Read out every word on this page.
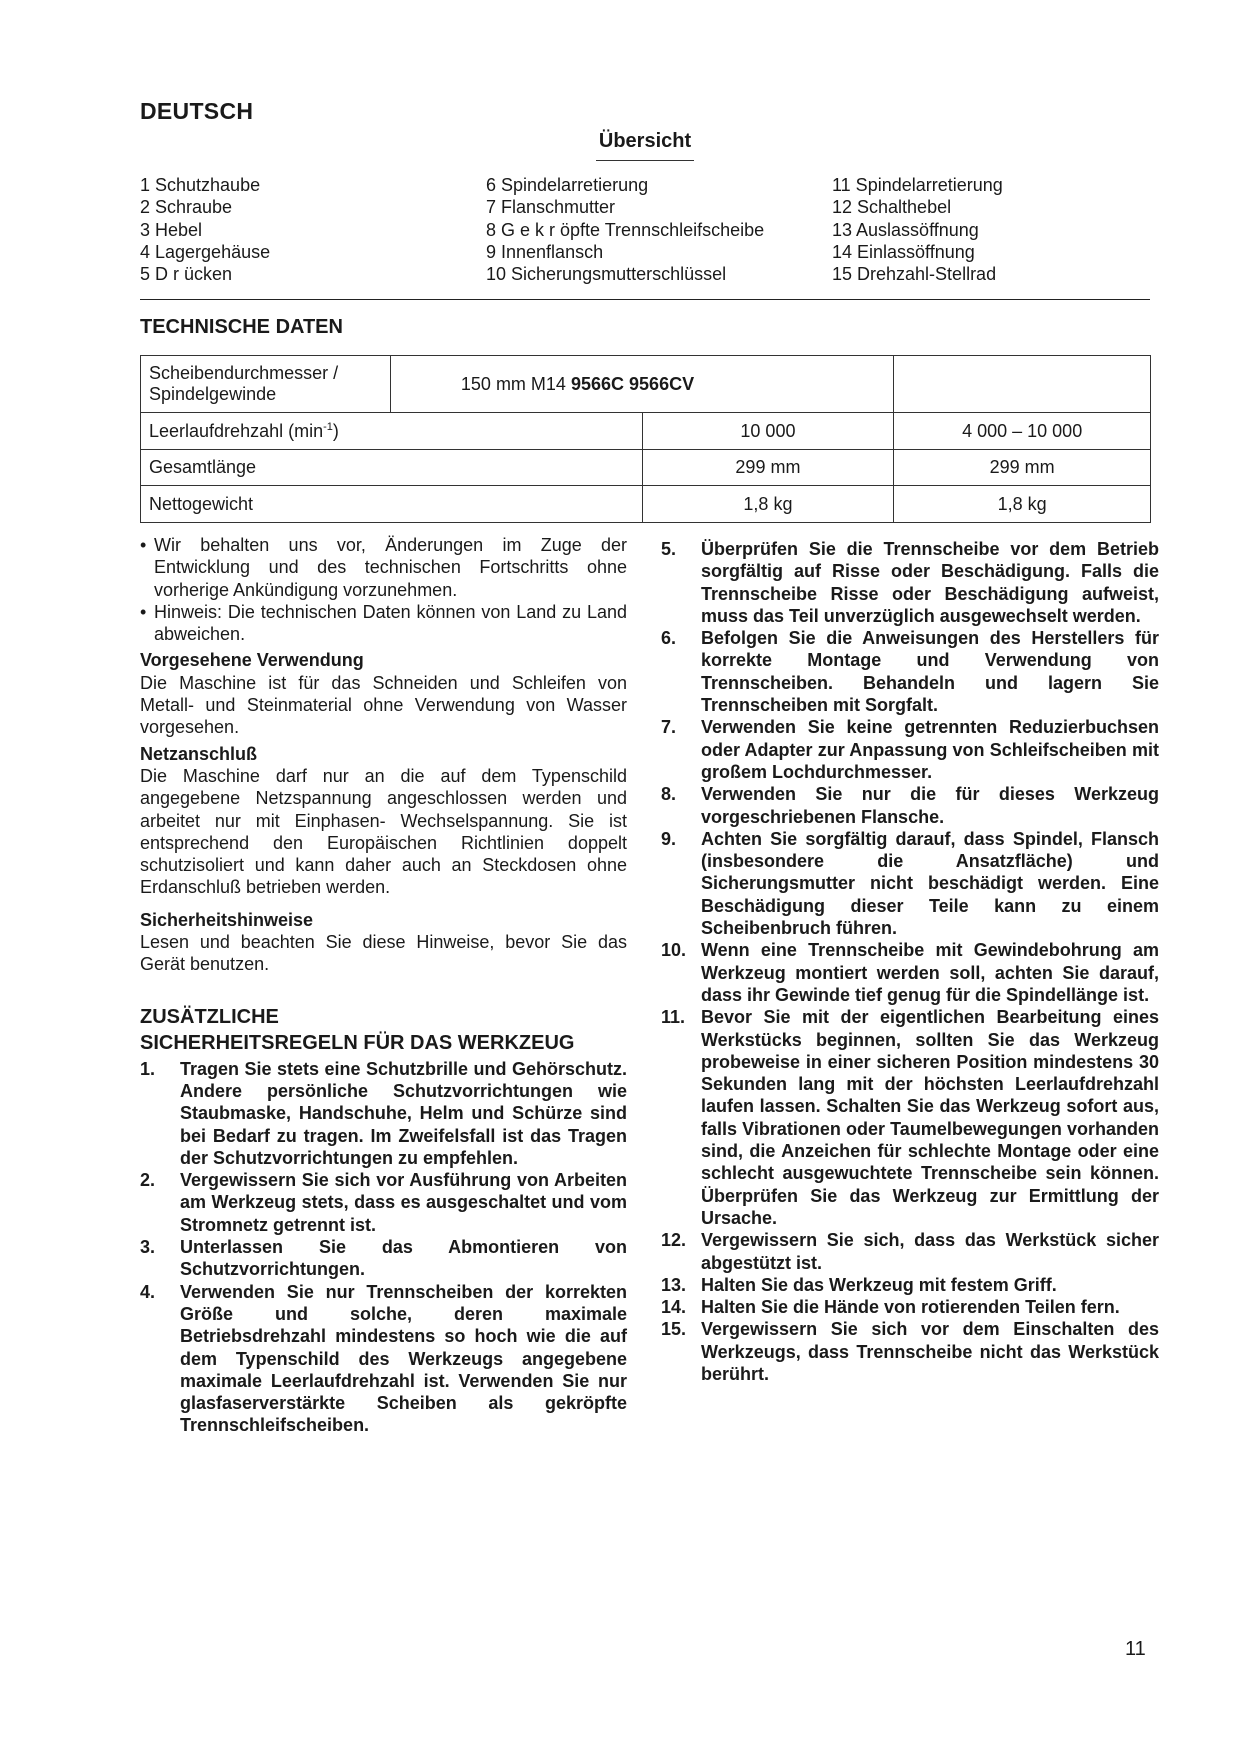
DEUTSCH
Übersicht
1 Schutzhaube
2 Schraube
3 Hebel
4 Lagergehäuse
5 D r ücken
6 Spindelarretierung
7 Flanschmutter
8 G e k r öpfte Trennschleifscheibe
9 Innenflansch
10 Sicherungsmutterschlüssel
11 Spindelarretierung
12 Schalthebel
13 Auslassöffnung
14 Einlassöffnung
15 Drehzahl-Stellrad
TECHNISCHE DATEN
Scheibendurchmesser /
Spindelgewinde	150 mm M14 9566C 9566CV		
Leerlaufdrehzahl $(\min^{-1})$		10 000	4 000 – 10 000
Gesamtlänge		299 mm	299 mm
Nettogewicht		1,8 kg	1,8 kg
• Wir behalten uns vor, Änderungen im Zuge der Entwicklung und des technischen Fortschritts ohne vorherige Ankündigung vorzunehmen.
• Hinweis: Die technischen Daten können von Land zu Land abweichen.
Vorgesehene Verwendung
Die Maschine ist für das Schneiden und Schleifen von Metall- und Steinmaterial ohne Verwendung von Wasser vorgesehen.
Netzanschluß
Die Maschine darf nur an die auf dem Typenschild angegebene Netzspannung angeschlossen werden und arbeitet nur mit Einphasen- Wechselspannung. Sie ist entsprechend den Europäischen Richtlinien doppelt schutzisoliert und kann daher auch an Steckdosen ohne Erdanschluß betrieben werden.
Sicherheitshinweise
Lesen und beachten Sie diese Hinweise, bevor Sie das Gerät benutzen.
ZUSÄTZLICHE
SICHERHEITSREGELN FÜR DAS WERKZEUG
1.	Tragen Sie stets eine Schutzbrille und Gehörschutz. Andere persönliche Schutzvorrichtungen wie Staubmaske, Handschuhe, Helm und Schürze sind bei Bedarf zu tragen. Im Zweifelsfall ist das Tragen der Schutzvorrichtungen zu empfehlen.
2.	Vergewissern Sie sich vor Ausführung von Arbeiten am Werkzeug stets, dass es ausgeschaltet und vom Stromnetz getrennt ist.
3.	Unterlassen Sie das Abmontieren von Schutzvorrichtungen.
4.	Verwenden Sie nur Trennscheiben der korrekten Größe und solche, deren maximale Betriebsdrehzahl mindestens so hoch wie die auf dem Typenschild des Werkzeugs angegebene maximale Leerlaufdrehzahl ist. Verwenden Sie nur glasfaserverstärkte Scheiben als gekröpfte Trennschleifscheiben.
5.	Überprüfen Sie die Trennscheibe vor dem Betrieb sorgfältig auf Risse oder Beschädigung. Falls die Trennscheibe Risse oder Beschädigung aufweist, muss das Teil unverzüglich ausgewechselt werden.
6.	Befolgen Sie die Anweisungen des Herstellers für korrekte Montage und Verwendung von Trennscheiben. Behandeln und lagern Sie Trennscheiben mit Sorgfalt.
7.	Verwenden Sie keine getrennten Reduzierbuchsen oder Adapter zur Anpassung von Schleifscheiben mit großem Lochdurchmesser.
8.	Verwenden Sie nur die für dieses Werkzeug vorgeschriebenen Flansche.
9.	Achten Sie sorgfältig darauf, dass Spindel, Flansch (insbesondere die Ansatzfläche) und Sicherungsmutter nicht beschädigt werden. Eine Beschädigung dieser Teile kann zu einem Scheibenbruch führen.
10. Wenn eine Trennscheibe mit Gewindebohrung am Werkzeug montiert werden soll, achten Sie darauf, dass ihr Gewinde tief genug für die Spindellänge ist.
11. Bevor Sie mit der eigentlichen Bearbeitung eines Werkstücks beginnen, sollten Sie das Werkzeug probeweise in einer sicheren Position mindestens 30 Sekunden lang mit der höchsten Leerlaufdrehzahl laufen lassen. Schalten Sie das Werkzeug sofort aus, falls Vibrationen oder Taumelbewegungen vorhanden sind, die Anzeichen für schlechte Montage oder eine schlecht ausgewuchtete Trennscheibe sein können. Überprüfen Sie das Werkzeug zur Ermittlung der Ursache.
12. Vergewissern Sie sich, dass das Werkstück sicher abgestützt ist.
13. Halten Sie das Werkzeug mit festem Griff.
14. Halten Sie die Hände von rotierenden Teilen fern.
15. Vergewissern Sie sich vor dem Einschalten des Werkzeugs, dass Trennscheibe nicht das Werkstück berührt.
11
